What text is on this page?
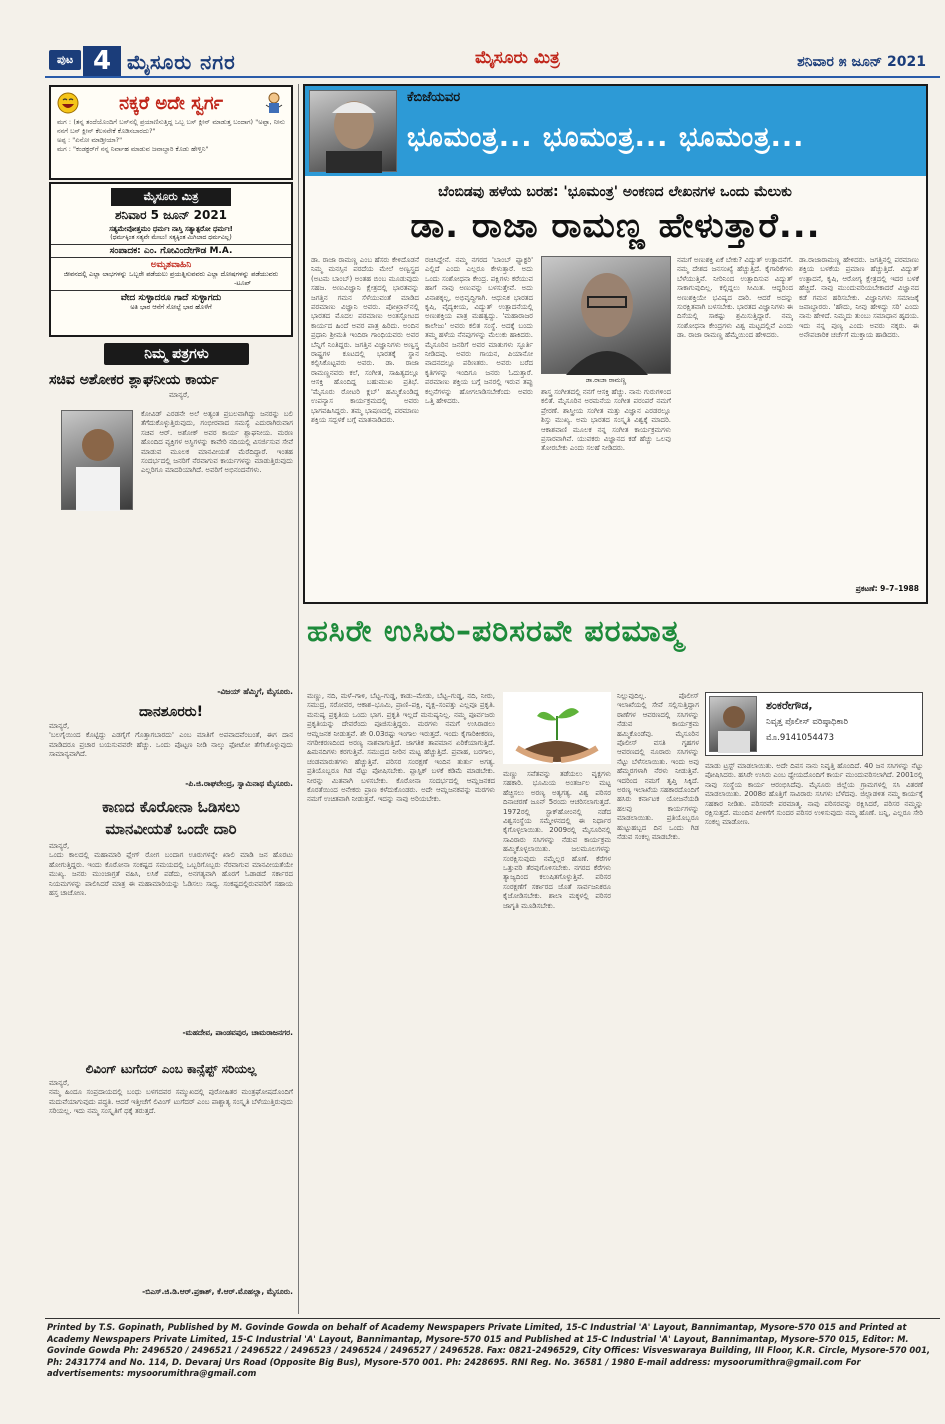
ಪುಟ 4 ಮೈಸೂರು ನಗರ	ಮೈಸೂರು ಮಿತ್ರ	ಶನಿವಾರ ೫ ಜೂನ್ 2021
ನಕ್ಕರೆ ಅದೇ ಸ್ವರ್ಗ
ಮಗ : (ತನ್ನ ತಂದೆಯೊಂದಿಗೆ ಬಸ್‌ನಲ್ಲಿ ಪ್ರಯಾಣಿಸುತ್ತಿದ್ದ ಒಬ್ಬ ಬಸ್ ಕ್ಲೀನ್ ಮಾಡುತ್ತ ಬಂದಾಗ) "ಅಪ್ಪಾ, ನೀನು ನನಗೆ ಬಸ್ ಕ್ಲೀನ್ ಕೆಲಸವೇಕೆ ಕೊಡಿಸಬಾರದು?"
ಅಪ್ಪ : "ಏನೋ ಮಾಡ್ತೀಯಾ?"
ಮಗ : "ಕಂಡಕ್ಟರ್‌ಗೆ ನನ್ನ ನಿರ್ವಾಹ ಮಾಡುವ ಜವಾಬ್ದಾರಿ ಕೊಡು ಹೇಳ್ತಿನಿ"
ಮೈಸೂರು ಮಿತ್ರ
ಶನಿವಾರ 5 ಜೂನ್ 2021
ಸತ್ಯಮೇವೋತ್ತಮಂ ಧರ್ಮಃ ನಾಸ್ತಿ ಸತ್ಯಾತ್ಪರೋ ಧರ್ಮಃ!
(ಧರ್ಮಕ್ಕಿಂತ ಸತ್ಯವೇ ಮೇಲು! ಸತ್ಯಕ್ಕಿಂತ ಮಿಗಿಲಾದ ಧರ್ಮವಿಲ್ಲ)
ಸಂಪಾದಕ: ಎಂ. ಗೋವಿಂದೇಗೌಡ M.A.
ಅಮೃತವಾಹಿನಿ
ಜೀವನದಲ್ಲಿ ಎಲ್ಲಾ ಲಾಭಗಳನ್ನು ಒಬ್ಬರೇ ಪಡೆಯಲು ಪ್ರಯತ್ನಿಸುವವರು ಎಲ್ಲಾ ದೋಷಗಳನ್ನು ಪಡೆಯುವರು
-ಟೂಪ್
ವೇದ ಸುಳ್ಳಾದರೂ ಗಾದೆ ಸುಳ್ಳಾಗದು
ಅತಿ ಭಾರ ಆನೆಗೆ ಸೋಲ್ಪೆ ಭಾರ ಹೊಳೆಗೆ
ನಿಮ್ಮ ಪತ್ರಗಳು
ಸಚಿವ ಅಶೋಕರ ಶ್ಲಾಘನೀಯ ಕಾರ್ಯ
ಮಾನ್ಯರೆ,
ಕೋವಿಡ್ ಎರಡನೇ ಅಲೆ ಅತ್ಯಂತ ಪ್ರಬಲವಾಗಿದ್ದು ಜನರನ್ನು ಬಲಿ ತೆಗೆದುಕೊಳ್ಳುತ್ತಿರುವುದು, ಗಂಭೀರವಾದ ಸಮಸ್ಯೆ ಎದುರಾಗಿರುವಾಗ ಸಚಿವ ಆರ್. ಅಶೋಕ್ ಅವರ ಕಾರ್ಯ ಶ್ಲಾಘನೀಯ. ಮರಣ ಹೊಂದಿದ ವ್ಯಕ್ತಿಗಳ ಅಸ್ಥಿಗಳನ್ನು ಕಾವೇರಿ ನದಿಯಲ್ಲಿ ವಿಸರ್ಜಿಸುವ ಸೇವೆ ಮಾಡುವ ಮೂಲಕ ಮಾನವೀಯತೆ ಮೆರೆದಿದ್ದಾರೆ. ಇಂತಹ ಸಂದರ್ಭದಲ್ಲಿ ಜನರಿಗೆ ನೆರವಾಗುವ ಕಾರ್ಯಗಳನ್ನು ಮಾಡುತ್ತಿರುವುದು ಎಲ್ಲರಿಗೂ ಮಾದರಿಯಾಗಿದೆ. ಅವರಿಗೆ ಅಭಿನಂದನೆಗಳು.
-ವಿಜಯ್ ಹೆಮ್ಮಿಗೆ, ಮೈಸೂರು.
ದಾನಶೂರರು!
ಮಾನ್ಯರೆ,
'ಬಲಗೈಯಿಂದ ಕೊಟ್ಟಿದ್ದು ಎಡಗೈಗೆ ಗೊತ್ತಾಗಬಾರದು' ಎಂಬ ಮಾತಿಗೆ ಅಪವಾದವೆಂಬಂತೆ, ಈಗ ದಾನ ಮಾಡಿದರೂ ಪ್ರಚಾರ ಬಯಸುವವರೇ ಹೆಚ್ಚು. ಒಂದು ಪೊಟ್ಟಣ ನೀಡಿ ನಾಲ್ಕು ಫೋಟೋ ತೆಗೆಸಿಕೊಳ್ಳುವುದು ಸಾಮಾನ್ಯವಾಗಿದೆ.
-ಪಿ.ಜಿ.ರಾಘವೇಂದ್ರ, ಸ್ವಾಮಿನಾಥ ಮೈಸೂರು.
ಕಾಣದ ಕೊರೋನಾ ಓಡಿಸಲು ಮಾನವೀಯತೆ ಒಂದೇ ದಾರಿ
ಮಾನ್ಯರೆ,
ಒಂದು ಕಾಲದಲ್ಲಿ ಮಹಾಮಾರಿ ಪ್ಲೇಗ್ ರೋಗ ಬಂದಾಗ ಊರುಗಳನ್ನೇ ಖಾಲಿ ಮಾಡಿ ಜನ ಹೊರಟು ಹೋಗುತ್ತಿದ್ದರು. ಇಂದು ಕೊರೋನಾ ಸಂಕಷ್ಟದ ಸಮಯದಲ್ಲಿ ಒಬ್ಬರಿಗೊಬ್ಬರು ನೆರವಾಗುವ ಮಾನವೀಯತೆಯೇ ಮುಖ್ಯ. ಜನರು ಮುಂಜಾಗ್ರತೆ ವಹಿಸಿ, ಲಸಿಕೆ ಪಡೆದು, ಅನಗತ್ಯವಾಗಿ ಹೊರಗೆ ಓಡಾಡದೆ ಸರ್ಕಾರದ ನಿಯಮಗಳನ್ನು ಪಾಲಿಸಿದರೆ ಮಾತ್ರ ಈ ಮಹಾಮಾರಿಯನ್ನು ಓಡಿಸಲು ಸಾಧ್ಯ. ಸಂಕಷ್ಟದಲ್ಲಿರುವವರಿಗೆ ಸಹಾಯ ಹಸ್ತ ಚಾಚೋಣ.
-ಮಹದೇವ, ಪಾಂಡವಪುರ, ಚಾಮರಾಜನಗರ.
ಲಿವಿಂಗ್ ಟುಗೆದರ್ ಎಂಬ ಕಾನ್ಸೆಪ್ಟ್ ಸರಿಯಲ್ಲ
ಮಾನ್ಯರೆ,
ನಮ್ಮ ಹಿಂದೂ ಸಂಪ್ರದಾಯದಲ್ಲಿ ಬಂಧು ಬಳಗದವರ ಸಮ್ಮುಖದಲ್ಲಿ ಪುರೋಹಿತರ ಮಂತ್ರಘೋಷದೊಂದಿಗೆ ಮದುವೆಯಾಗುವುದು ಪದ್ಧತಿ. ಆದರೆ ಇತ್ತೀಚೆಗೆ ಲಿವಿಂಗ್ ಟುಗೆದರ್ ಎಂಬ ಪಾಶ್ಚಾತ್ಯ ಸಂಸ್ಕೃತಿ ಬೆಳೆಯುತ್ತಿರುವುದು ಸರಿಯಲ್ಲ. ಇದು ನಮ್ಮ ಸಂಸ್ಕೃತಿಗೆ ಧಕ್ಕೆ ತರುತ್ತದೆ.
-ಬಿಎಸ್.ಜಿ.ಡಿ.ಆರ್.ಪ್ರಕಾಶ್, ಕೆ.ಆರ್.ಮೊಹಲ್ಲಾ, ಮೈಸೂರು.
ಕೆಬಿಜೆಯವರ
ಭೂಮಂತ್ರ... ಭೂಮಂತ್ರ... ಭೂಮಂತ್ರ...
ಬೆಂಬಿಡವು ಹಳೆಯ ಬರಹ: 'ಭೂಮಂತ್ರ' ಅಂಕಣದ ಲೇಖನಗಳ ಒಂದು ಮೆಲುಕು
ಡಾ. ರಾಜಾ ರಾಮಣ್ಣ ಹೇಳುತ್ತಾರೆ...
ಡಾ. ರಾಜಾ ರಾಮಣ್ಣ ಎಂಬ ಹೆಸರು ಕೇಳಿದೊಡನೆ ನಿಮ್ಮ ಮನಸ್ಸಿನ ಪರದೆಯ ಮೇಲೆ ಅಣ್ವಸ್ತ್ರದ (ಅಟಮ ಬಾಂಬ್) ಅಂತಹ ಬಿಂಬ ಮೂಡುವುದು ಸಹಜ. ಅಣುವಿಜ್ಞಾನಿ ಕ್ಷೇತ್ರದಲ್ಲಿ ಭಾರತವನ್ನು ಜಗತ್ತಿನ ಗಮನ ಸೆಳೆಯುವಂತೆ ಮಾಡಿದ ಪರಮಾಣು ವಿಜ್ಞಾನಿ ಅವರು. ಪೋಖ್ರಾನ್‌ನಲ್ಲಿ ಭಾರತದ ಮೊದಲ ಪರಮಾಣು ಅಂತಸ್ಫೋಟದ ಕಾರ್ಯದ ಹಿಂದೆ ಅವರ ಪಾತ್ರ ಹಿರಿದು. ಅಂದಿನ ಪ್ರಧಾನಿ ಶ್ರೀಮತಿ ಇಂದಿರಾ ಗಾಂಧಿಯವರು ಅವರ ಬೆನ್ನಿಗೆ ನಿಂತಿದ್ದರು. ಜಗತ್ತಿನ ವಿಜ್ಞಾನಿಗಳು ಅಣ್ವಸ್ತ್ರ ರಾಷ್ಟ್ರಗಳ ಕೂಟದಲ್ಲಿ ಭಾರತಕ್ಕೆ ಸ್ಥಾನ ಕಲ್ಪಿಸಿಕೊಟ್ಟವರು ಅವರು. ಡಾ. ರಾಜಾ ರಾಮಣ್ಣನವರು ಕಲೆ, ಸಂಗೀತ, ಸಾಹಿತ್ಯದಲ್ಲೂ ಆಸಕ್ತಿ ಹೊಂದಿದ್ದ ಬಹುಮುಖ ಪ್ರತಿಭೆ. 'ಮೈಸೂರು ರೋಟರಿ ಕ್ಲಬ್' ಹಮ್ಮಿಕೊಂಡಿದ್ದ ಉಪನ್ಯಾಸ ಕಾರ್ಯಕ್ರಮದಲ್ಲಿ ಅವರು ಭಾಗವಹಿಸಿದ್ದರು. ತಮ್ಮ ಭಾಷಣದಲ್ಲಿ ಪರಮಾಣು ಶಕ್ತಿಯ ಸದ್ಬಳಕೆ ಬಗ್ಗೆ ಮಾತನಾಡಿದರು.
ರಚಿಸಿದ್ದೇನೆ. ನಮ್ಮ ನಗರದ 'ಬಾಂಬ್ ಫ್ಯಾಕ್ಟರಿ' ಎಲ್ಲಿದೆ ಎಂದು ಎಲ್ಲರೂ ಕೇಳುತ್ತಾರೆ. ಅದು ಒಂದು ಸಂಶೋಧನಾ ಕೇಂದ್ರ. ಪಕ್ಷಿಗಳು ಕರೆಯುವ ಹಾಗೆ ನಾವು ಅಣುವನ್ನು ಬಳಸುತ್ತೇವೆ. ಅದು ವಿನಾಶಕ್ಕಲ್ಲ, ಅಭಿವೃದ್ಧಿಗಾಗಿ. ಆಧುನಿಕ ಭಾರತದ ಕೃಷಿ, ವೈದ್ಯಕೀಯ, ವಿದ್ಯುತ್ ಉತ್ಪಾದನೆಯಲ್ಲಿ ಅಣುಶಕ್ತಿಯ ಪಾತ್ರ ಮಹತ್ವದ್ದು. 'ಮಹಾರಾಜರ ಕಾಲೇಜು' ಅವರು ಕಲಿತ ಸಂಸ್ಥೆ. ಅದಕ್ಕೆ ಬಂದು ತಮ್ಮ ಹಳೆಯ ನೆನಪುಗಳನ್ನು ಮೆಲುಕು ಹಾಕಿದರು. ಮೈಸೂರಿನ ಜನರಿಗೆ ಅವರ ಮಾತುಗಳು ಸ್ಫೂರ್ತಿ ನೀಡಿದವು. ಅವರು ಗಾಯನ, ಪಿಯಾನೋ ವಾದನದಲ್ಲೂ ಪರಿಣತರು. ಅವರು ಬರೆದ ಕೃತಿಗಳನ್ನು ಇಂದಿಗೂ ಜನರು ಓದುತ್ತಾರೆ. ಪರಮಾಣು ಶಕ್ತಿಯ ಬಗ್ಗೆ ಜನರಲ್ಲಿ ಇರುವ ತಪ್ಪು ಕಲ್ಪನೆಗಳನ್ನು ಹೋಗಲಾಡಿಸಬೇಕೆಂದು ಅವರು ಒತ್ತಿ ಹೇಳಿದರು.
ಡಾ.ರಾಜಾ ರಾಮಣ್ಣ
ಶಾಸ್ತ್ರ ಸಂಗೀತದಲ್ಲಿ ನನಗೆ ಆಸಕ್ತಿ ಹೆಚ್ಚು. ನಾನು ಗುರುಗಳಿಂದ ಕಲಿತೆ. ಮೈಸೂರಿನ ಅರಮನೆಯ ಸಂಗೀತ ಪರಂಪರೆ ನಮಗೆ ಪ್ರೇರಣೆ. ಶಾಸ್ತ್ರೀಯ ಸಂಗೀತ ಮತ್ತು ವಿಜ್ಞಾನ ಎರಡರಲ್ಲೂ ಶಿಸ್ತು ಮುಖ್ಯ. ಅಮ ಭಾರತದ ಸಂಸ್ಕೃತಿ ವಿಶ್ವಕ್ಕೆ ಮಾದರಿ. ಆಕಾಶವಾಣಿ ಮೂಲಕ ನನ್ನ ಸಂಗೀತ ಕಾರ್ಯಕ್ರಮಗಳು ಪ್ರಸಾರವಾಗಿವೆ. ಯುವಕರು ವಿಜ್ಞಾನದ ಕಡೆ ಹೆಚ್ಚು ಒಲವು ತೋರಬೇಕು ಎಂದು ಸಲಹೆ ನೀಡಿದರು.
ನಮಗೆ ಅಣುಶಕ್ತಿ ಏಕೆ ಬೇಕು? ವಿದ್ಯುತ್ ಉತ್ಪಾದನೆಗೆ. ನಮ್ಮ ದೇಶದ ಜನಸಂಖ್ಯೆ ಹೆಚ್ಚುತ್ತಿದೆ. ಕೈಗಾರಿಕೆಗಳು ಬೆಳೆಯುತ್ತಿವೆ. ನೀರಿನಿಂದ ಉತ್ಪಾದಿಸುವ ವಿದ್ಯುತ್ ಸಾಕಾಗುವುದಿಲ್ಲ. ಕಲ್ಲಿದ್ದಲು ಸೀಮಿತ. ಆದ್ದರಿಂದ ಅಣುಶಕ್ತಿಯೇ ಭವಿಷ್ಯದ ದಾರಿ. ಆದರೆ ಅದನ್ನು ಸುರಕ್ಷಿತವಾಗಿ ಬಳಸಬೇಕು. ಭಾರತದ ವಿಜ್ಞಾನಿಗಳು ಈ ದಿಸೆಯಲ್ಲಿ ಸಾಕಷ್ಟು ಶ್ರಮಿಸುತ್ತಿದ್ದಾರೆ. ನಮ್ಮ ಸಂಶೋಧನಾ ಕೇಂದ್ರಗಳು ವಿಶ್ವ ಮಟ್ಟದಲ್ಲಿವೆ ಎಂದು ಡಾ. ರಾಜಾ ರಾಮಣ್ಣ ಹೆಮ್ಮೆಯಿಂದ ಹೇಳಿದರು.
ಡಾ.ರಾಜಾರಾಮಣ್ಣ ಹೇಳಿದರು. ಜಗತ್ತಿನಲ್ಲಿ ಪರಮಾಣು ಶಕ್ತಿಯ ಬಳಕೆಯ ಪ್ರಮಾಣ ಹೆಚ್ಚುತ್ತಿದೆ. ವಿದ್ಯುತ್ ಉತ್ಪಾದನೆ, ಕೃಷಿ, ಆರೋಗ್ಯ ಕ್ಷೇತ್ರದಲ್ಲಿ ಇದರ ಬಳಕೆ ಹೆಚ್ಚಿದೆ. ನಾವು ಮುಂದುವರಿಯಬೇಕಾದರೆ ವಿಜ್ಞಾನದ ಕಡೆ ಗಮನ ಹರಿಸಬೇಕು. ವಿಜ್ಞಾನಿಗಳು ಸಮಾಜಕ್ಕೆ ಜವಾಬ್ದಾರರು. 'ಹೌದು, ನೀವು ಹೇಳಿದ್ದು ಸರಿ' ಎಂದು ನಾನು ಹೇಳಿದೆ. ನಿಮ್ಮದು ತುಂಬು ಸಮಾಧಾನ ಹೃದಯ. ಇದು ನನ್ನ ಪುಣ್ಯ ಎಂದು ಅವರು ನಕ್ಕರು. ಈ ಅನೌಪಚಾರಿಕ ಚರ್ಚೆಗೆ ಮುಕ್ತಾಯ ಹಾಡಿದರು.
ಪ್ರಕಟಣೆ: 9–7–1988
ಹಸಿರೇ ಉಸಿರು–ಪರಿಸರವೇ ಪರಮಾತ್ಮ
ಮಣ್ಣು, ನದಿ, ಮಳೆ–ಗಾಳಿ, ಬೆಟ್ಟ–ಗುಡ್ಡ, ಕಾಡು–ಮೇಡು, ಬೆಟ್ಟ–ಗುಡ್ಡ, ನದಿ, ನೀರು, ಸಮುದ್ರ, ಸರೋವರ, ಆಕಾಶ–ಭೂಮಿ, ಪ್ರಾಣಿ–ಪಕ್ಷಿ, ವೃಕ್ಷ–ಸಂಪತ್ತು ಎಲ್ಲವೂ ಪ್ರಕೃತಿ. ಮನುಷ್ಯ ಪ್ರಕೃತಿಯ ಒಂದು ಭಾಗ. ಪ್ರಕೃತಿ ಇಲ್ಲದೆ ಮನುಷ್ಯನಿಲ್ಲ. ನಮ್ಮ ಪೂರ್ವಜರು ಪ್ರಕೃತಿಯನ್ನು ದೇವರೆಂದು ಪೂಜಿಸುತ್ತಿದ್ದರು. ಮರಗಳು ನಮಗೆ ಉಸಿರಾಡಲು ಆಮ್ಲಜನಕ ನೀಡುತ್ತವೆ. ಶೇ 0.03ರಷ್ಟು ಇಂಗಾಲ ಇರುತ್ತದೆ. ಇಂದು ಕೈಗಾರಿಕೀಕರಣ, ನಗರೀಕರಣದಿಂದ ಅರಣ್ಯ ನಾಶವಾಗುತ್ತಿದೆ. ಜಾಗತಿಕ ತಾಪಮಾನ ಏರಿಕೆಯಾಗುತ್ತಿದೆ. ಹಿಮನದಿಗಳು ಕರಗುತ್ತಿವೆ. ಸಮುದ್ರದ ನೀರಿನ ಮಟ್ಟ ಹೆಚ್ಚುತ್ತಿದೆ. ಪ್ರವಾಹ, ಬರಗಾಲ, ಚಂಡಮಾರುತಗಳು ಹೆಚ್ಚುತ್ತಿವೆ. ಪರಿಸರ ಸಂರಕ್ಷಣೆ ಇಂದಿನ ತುರ್ತು ಅಗತ್ಯ. ಪ್ರತಿಯೊಬ್ಬರೂ ಗಿಡ ನೆಟ್ಟು ಪೋಷಿಸಬೇಕು. ಪ್ಲಾಸ್ಟಿಕ್ ಬಳಕೆ ಕಡಿಮೆ ಮಾಡಬೇಕು. ನೀರನ್ನು ಮಿತವಾಗಿ ಬಳಸಬೇಕು. ಕೊರೋನಾ ಸಂದರ್ಭದಲ್ಲಿ ಆಮ್ಲಜನಕದ ಕೊರತೆಯಿಂದ ಅನೇಕರು ಪ್ರಾಣ ಕಳೆದುಕೊಂಡರು. ಅದೇ ಆಮ್ಲಜನಕವನ್ನು ಮರಗಳು ನಮಗೆ ಉಚಿತವಾಗಿ ನೀಡುತ್ತವೆ. ಇದನ್ನು ನಾವು ಅರಿಯಬೇಕು.
ಮಣ್ಣು ಸವೆತವನ್ನು ತಡೆಯಲು ವೃಕ್ಷಗಳು ಸಹಕಾರಿ. ಭೂಮಿಯ ಅಂತರ್ಜಲ ಮಟ್ಟ ಹೆಚ್ಚಿಸಲು ಅರಣ್ಯ ಅತ್ಯಗತ್ಯ. ವಿಶ್ವ ಪರಿಸರ ದಿನಾಚರಣೆ ಜೂನ್ 5ರಂದು ಆಚರಿಸಲಾಗುತ್ತದೆ. 1972ರಲ್ಲಿ ಸ್ಟಾಕ್‌ಹೋಂನಲ್ಲಿ ನಡೆದ ವಿಶ್ವಸಂಸ್ಥೆಯ ಸಮ್ಮೇಳನದಲ್ಲಿ ಈ ನಿರ್ಧಾರ ಕೈಗೊಳ್ಳಲಾಯಿತು. 2009ರಲ್ಲಿ ಮೈಸೂರಿನಲ್ಲಿ ಸಾವಿರಾರು ಸಸಿಗಳನ್ನು ನೆಡುವ ಕಾರ್ಯಕ್ರಮ ಹಮ್ಮಿಕೊಳ್ಳಲಾಯಿತು. ಜಲಮೂಲಗಳನ್ನು ಸಂರಕ್ಷಿಸುವುದು ನಮ್ಮೆಲ್ಲರ ಹೊಣೆ. ಕೆರೆಗಳ ಒತ್ತುವರಿ ತೆರವುಗೊಳಿಸಬೇಕು. ನಗರದ ಕೆರೆಗಳು ತ್ಯಾಜ್ಯದಿಂದ ಕಲುಷಿತಗೊಳ್ಳುತ್ತಿವೆ. ಪರಿಸರ ಸಂರಕ್ಷಣೆಗೆ ಸರ್ಕಾರದ ಜೊತೆ ಸಾರ್ವಜನಿಕರೂ ಕೈಜೋಡಿಸಬೇಕು. ಶಾಲಾ ಮಕ್ಕಳಲ್ಲಿ ಪರಿಸರ ಜಾಗೃತಿ ಮೂಡಿಸಬೇಕು.
ನಿಲ್ಲುವುದಿಲ್ಲ. ಪೊಲೀಸ್ ಇಲಾಖೆಯಲ್ಲಿ ಸೇವೆ ಸಲ್ಲಿಸುತ್ತಿದ್ದಾಗ ಠಾಣೆಗಳ ಆವರಣದಲ್ಲಿ ಸಸಿಗಳನ್ನು ನೆಡುವ ಕಾರ್ಯಕ್ರಮ ಹಮ್ಮಿಕೊಂಡೆವು. ಮೈಸೂರಿನ ಪೊಲೀಸ್ ವಸತಿ ಗೃಹಗಳ ಆವರಣದಲ್ಲಿ ನೂರಾರು ಸಸಿಗಳನ್ನು ನೆಟ್ಟು ಬೆಳೆಸಲಾಯಿತು. ಇಂದು ಅವು ಹೆಮ್ಮರಗಳಾಗಿ ನೆರಳು ನೀಡುತ್ತಿವೆ. ಇದರಿಂದ ನಮಗೆ ತೃಪ್ತಿ ಸಿಕ್ಕಿದೆ. ಅರಣ್ಯ ಇಲಾಖೆಯ ಸಹಕಾರದೊಂದಿಗೆ ಹಸಿರು ಕರ್ನಾಟಕ ಯೋಜನೆಯಡಿ ಹಲವು ಕಾರ್ಯಗಳನ್ನು ಮಾಡಲಾಯಿತು. ಪ್ರತಿಯೊಬ್ಬರೂ ಹುಟ್ಟುಹಬ್ಬದ ದಿನ ಒಂದು ಗಿಡ ನೆಡುವ ಸಂಕಲ್ಪ ಮಾಡಬೇಕು.
ಶಂಕರೇಗೌಡ,
ನಿವೃತ್ತ ಪೊಲೀಸ್ ವರಿಷ್ಠಾಧಿಕಾರಿ
ಮೊ.9141054473
ಮಾಡು ಟ್ರಸ್ಟ್ ಮಾಡಲಾಯಿತು. ಅದೇ ದಿವಸ ನಾನು ನಿವೃತ್ತಿ ಹೊಂದಿದೆ. 40 ಜನ ಸಸಿಗಳನ್ನು ನೆಟ್ಟು ಪೋಷಿಸಿದರು. ಹಸಿರೇ ಉಸಿರು ಎಂಬ ಧ್ಯೇಯದೊಂದಿಗೆ ಕಾರ್ಯ ಮುಂದುವರಿಸಲಾಗಿದೆ. 2001ರಲ್ಲಿ ನಾವು ಸಂಸ್ಥೆಯ ಕಾರ್ಯ ಆರಂಭಿಸಿದೆವು. ಮೈಸೂರು ಜಿಲ್ಲೆಯ ಗ್ರಾಮಗಳಲ್ಲಿ ಸಸಿ ವಿತರಣೆ ಮಾಡಲಾಯಿತು. 2008ರ ಹೊತ್ತಿಗೆ ಸಾವಿರಾರು ಸಸಿಗಳು ಬೆಳೆದವು. ಜಿಲ್ಲಾಡಳಿತ ನಮ್ಮ ಕಾರ್ಯಕ್ಕೆ ಸಹಕಾರ ನೀಡಿತು. ಪರಿಸರವೇ ಪರಮಾತ್ಮ. ನಾವು ಪರಿಸರವನ್ನು ರಕ್ಷಿಸಿದರೆ, ಪರಿಸರ ನಮ್ಮನ್ನು ರಕ್ಷಿಸುತ್ತದೆ. ಮುಂದಿನ ಪೀಳಿಗೆಗೆ ಸುಂದರ ಪರಿಸರ ಉಳಿಸುವುದು ನಮ್ಮ ಹೊಣೆ. ಬನ್ನಿ, ಎಲ್ಲರೂ ಸೇರಿ ಸಂಕಲ್ಪ ಮಾಡೋಣ.
Printed by T.S. Gopinath, Published by M. Govinde Gowda on behalf of Academy Newspapers Private Limited, 15-C Industrial 'A' Layout, Bannimantap, Mysore-570 015 and Printed at Academy Newspapers Private Limited, 15-C Industrial 'A' Layout, Bannimantap, Mysore-570 015 and Published at 15-C Industrial 'A' Layout, Bannimantap, Mysore-570 015, Editor: M. Govinde Gowda Ph: 2496520 / 2496521 / 2496522 / 2496523 / 2496524 / 2496527 / 2496528. Fax: 0821-2496529, City Offices: Visveswaraya Building, III Floor, K.R. Circle, Mysore-570 001, Ph: 2431774 and No. 114, D. Devaraj Urs Road (Opposite Big Bus), Mysore-570 001. Ph: 2428695. RNI Reg. No. 36581 / 1980 E-mail address: mysoorumithra@gmail.com For advertisements: mysoorumithra@gmail.com
